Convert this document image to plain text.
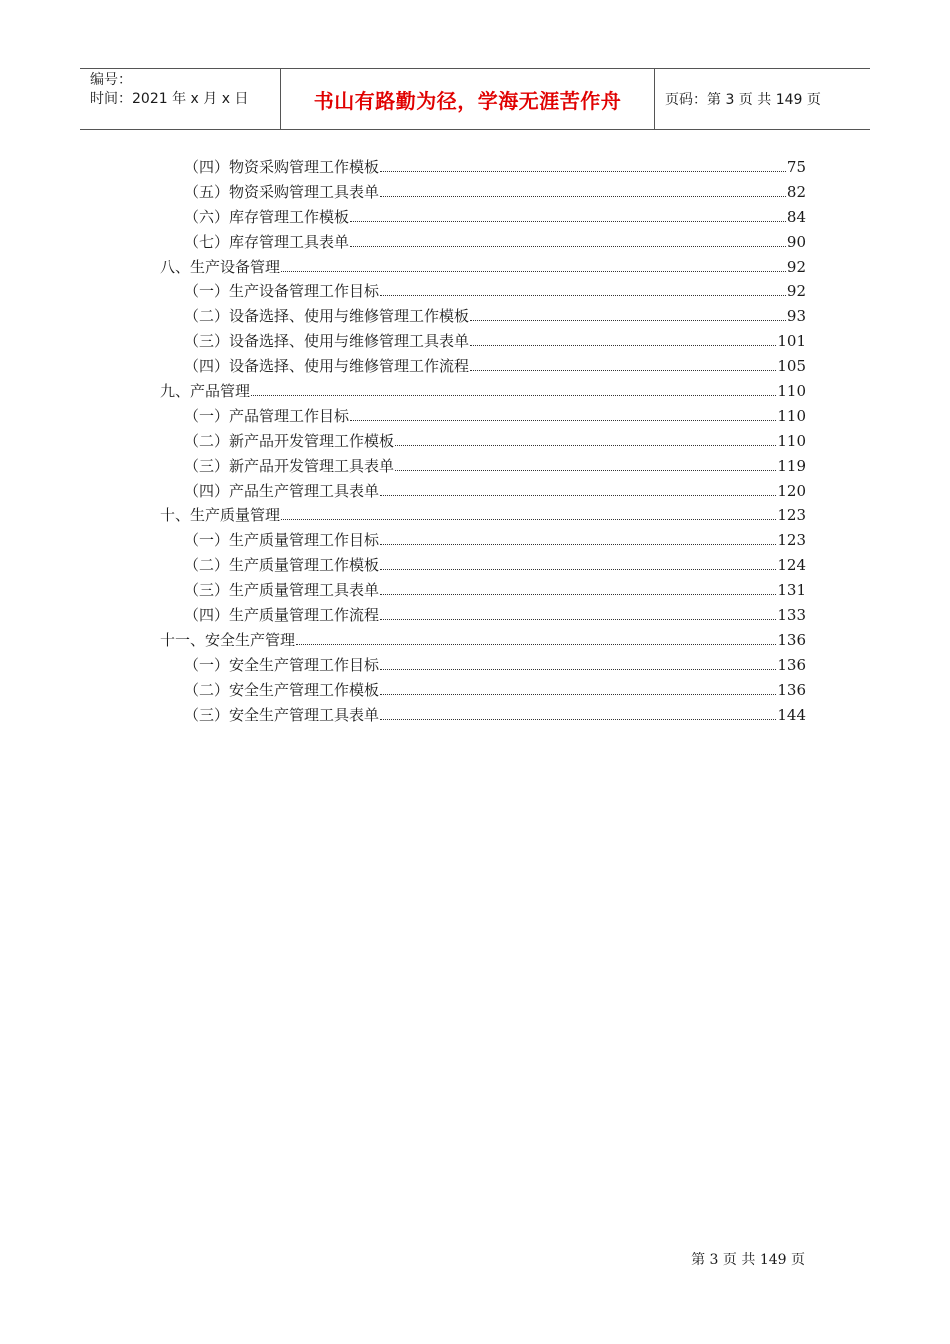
编号：
时间：2021 年 x 月 x 日	书山有路勤为径，学海无涯苦作舟	页码：第 3 页 共 149 页
（四）物资采购管理工作模板	75
（五）物资采购管理工具表单	82
（六）库存管理工作模板	84
（七）库存管理工具表单	90
八、生产设备管理	92
（一）生产设备管理工作目标	92
（二）设备选择、使用与维修管理工作模板	93
（三）设备选择、使用与维修管理工具表单	101
（四）设备选择、使用与维修管理工作流程	105
九、产品管理	110
（一）产品管理工作目标	110
（二）新产品开发管理工作模板	110
（三）新产品开发管理工具表单	119
（四）产品生产管理工具表单	120
十、生产质量管理	123
（一）生产质量管理工作目标	123
（二）生产质量管理工作模板	124
（三）生产质量管理工具表单	131
（四）生产质量管理工作流程	133
十一、安全生产管理	136
（一）安全生产管理工作目标	136
（二）安全生产管理工作模板	136
（三）安全生产管理工具表单	144
第 3 页 共 149 页
